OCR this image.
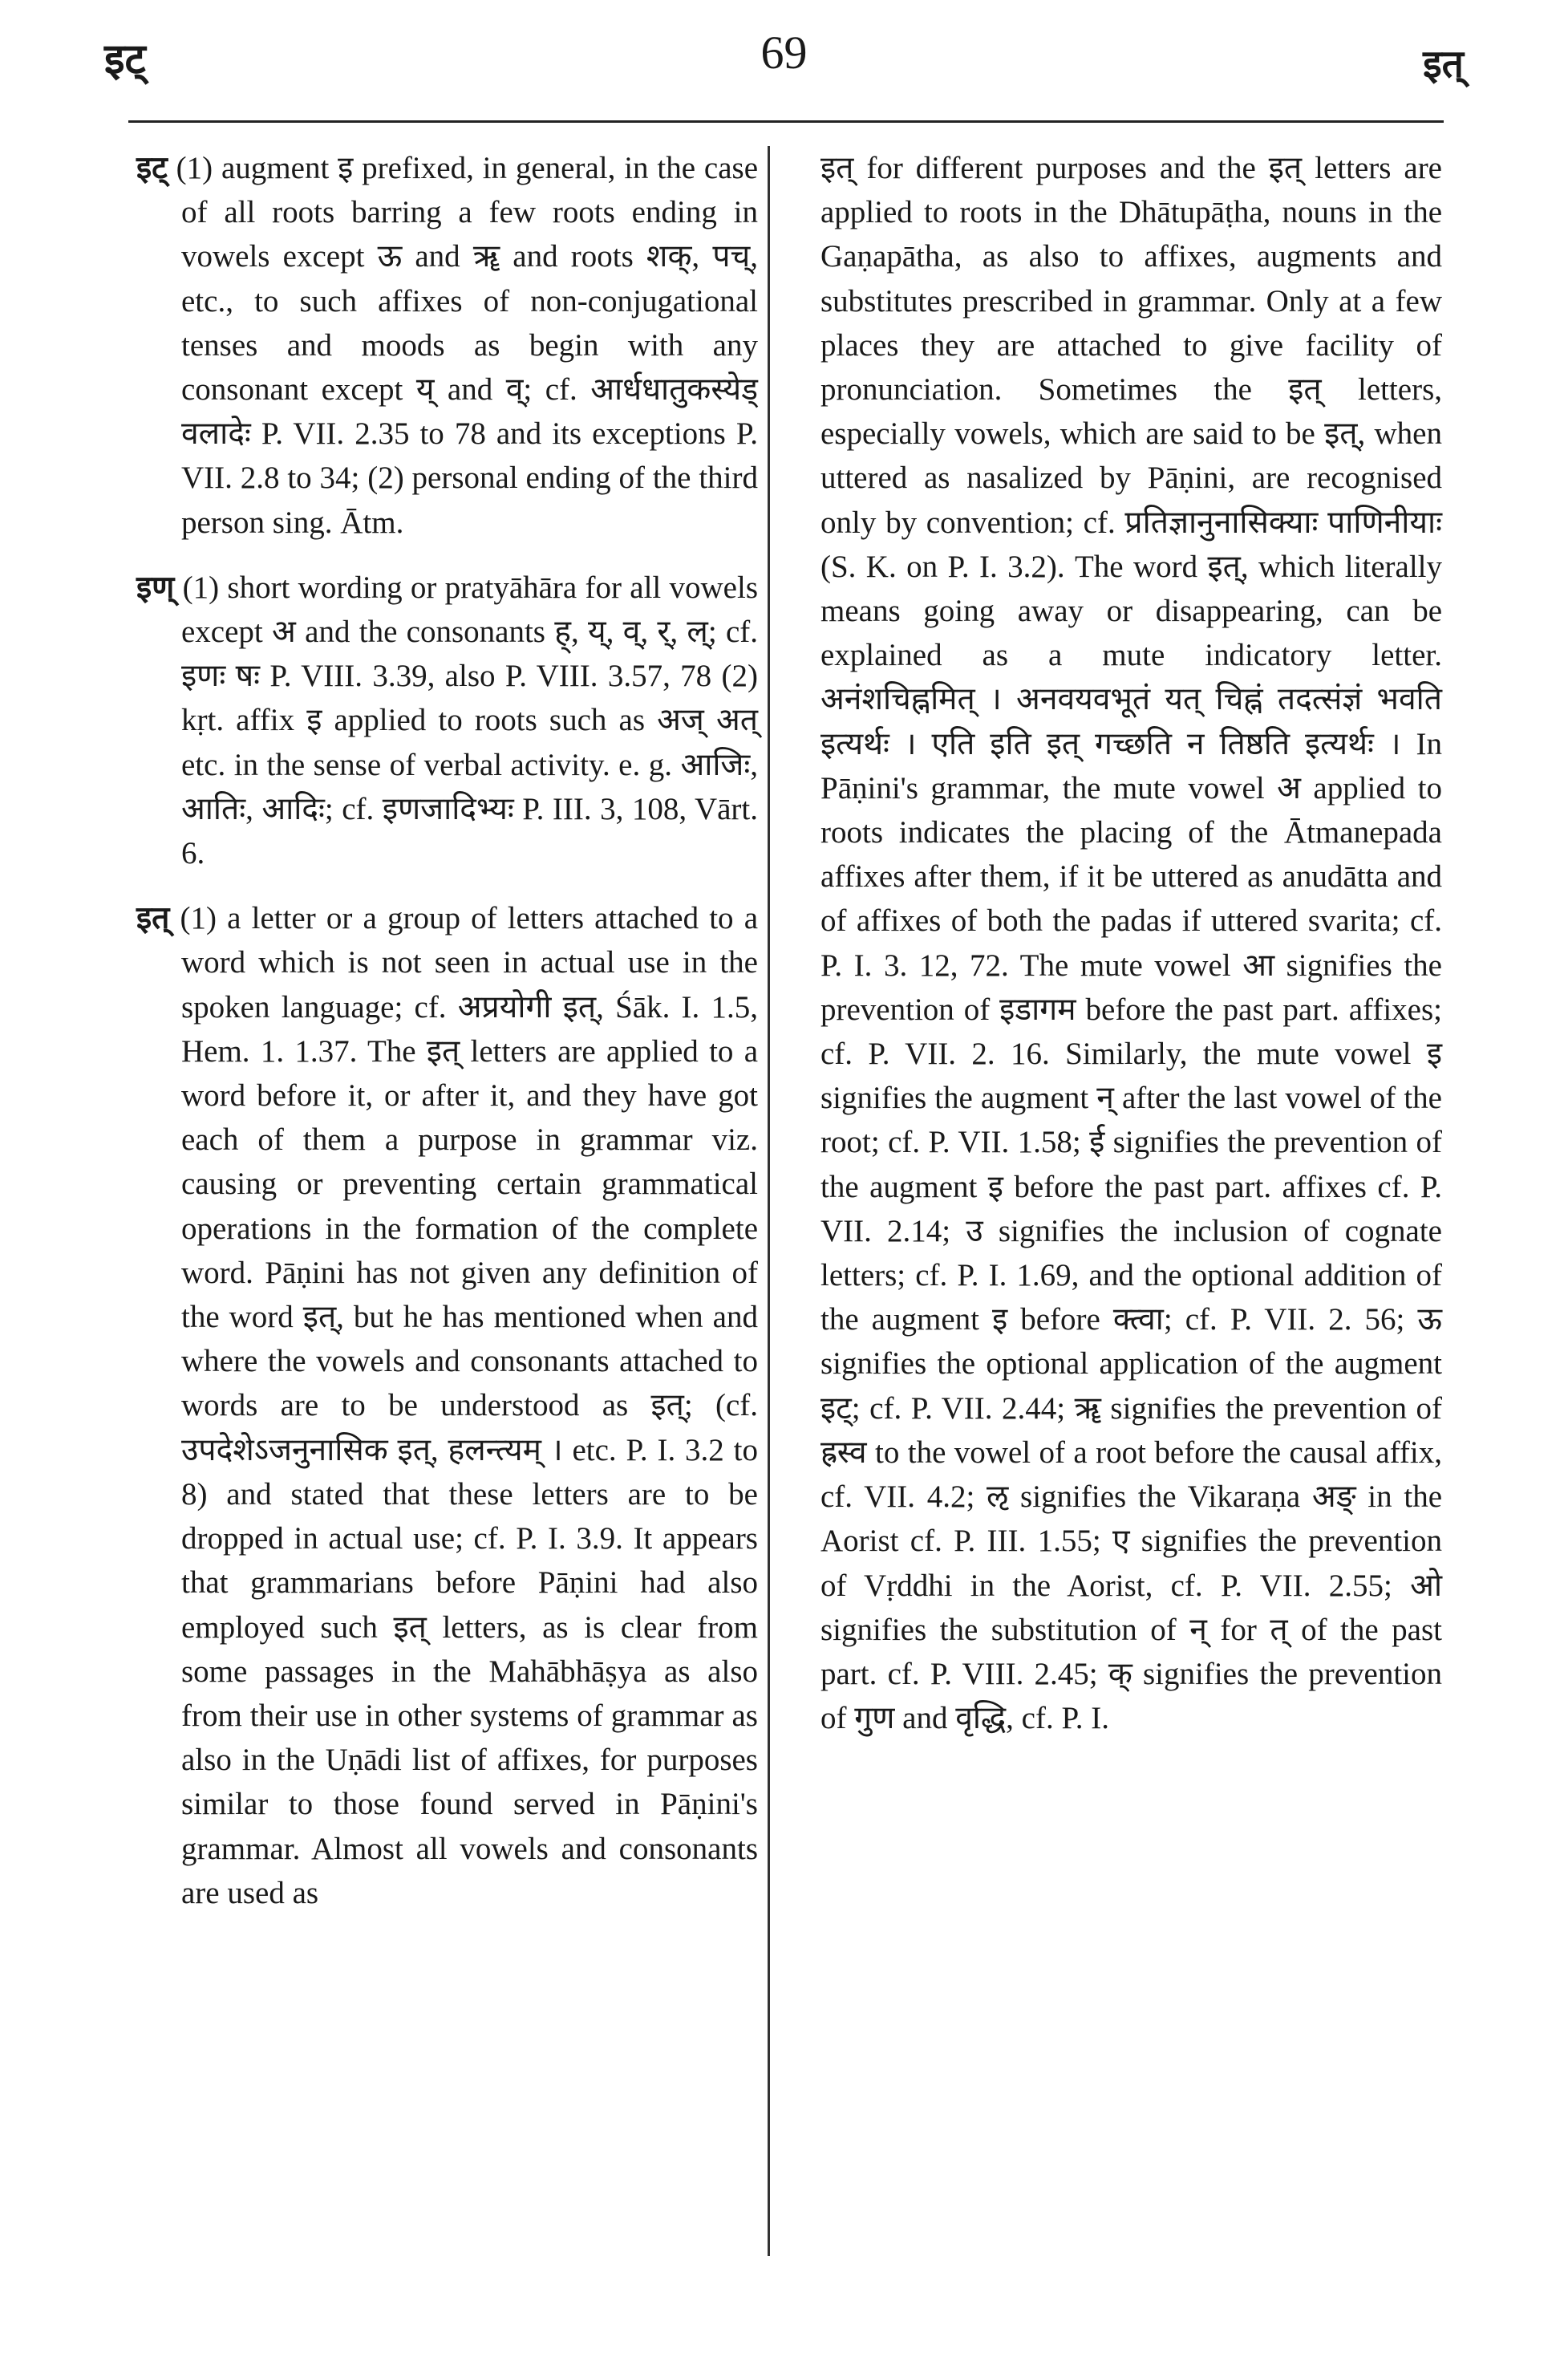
इट्	69	इत्

इट् (1) augment इ prefixed, in general, in the case of all roots barring a few roots ending in vowels except ऊ and ॠ and roots शक्, पच्, etc., to such affixes of non-conjugational tenses and moods as begin with any consonant except य् and व्; cf. आर्धधातुकस्येड् वलादेः P. VII. 2.35 to 78 and its exceptions P. VII. 2.8 to 34; (2) personal ending of the third person sing. Ātm.

इण् (1) short wording or pratyāhāra for all vowels except अ and the consonants ह्, य्, व्, र्, ल्; cf. इणः षः P. VIII. 3.39, also P. VIII. 3.57, 78 (2) kṛt. affix इ applied to roots such as अज् अत् etc. in the sense of verbal activity. e. g. आजिः, आतिः, आदिः; cf. इणजादिभ्यः P. III. 3, 108, Vārt. 6.

इत् (1) a letter or a group of letters attached to a word which is not seen in actual use in the spoken language; cf. अप्रयोगी इत्, Śāk. I. 1.5, Hem. 1. 1.37. The इत् letters are applied to a word before it, or after it, and they have got each of them a purpose in grammar viz. causing or preventing certain grammatical operations in the formation of the complete word. Pāṇini has not given any definition of the word इत्, but he has mentioned when and where the vowels and consonants attached to words are to be understood as इत्; (cf. उपदेशेऽजनुनासिक इत्, हलन्त्यम् । etc. P. I. 3.2 to 8) and stated that these letters are to be dropped in actual use; cf. P. I. 3.9. It appears that grammarians before Pāṇini had also employed such इत् letters, as is clear from some passages in the Mahābhāṣya as also from their use in other systems of grammar as also in the Uṇādi list of affixes, for purposes similar to those found served in Pāṇini's grammar. Almost all vowels and consonants are used as

इत् for different purposes and the इत् letters are applied to roots in the Dhātupāṭha, nouns in the Gaṇapātha, as also to affixes, augments and substitutes prescribed in grammar. Only at a few places they are attached to give facility of pronunciation. Sometimes the इत् letters, especially vowels, which are said to be इत्, when uttered as nasalized by Pāṇini, are recognised only by convention; cf. प्रतिज्ञानुनासिक्याः पाणिनीयाः (S. K. on P. I. 3.2). The word इत्, which literally means going away or disappearing, can be explained as a mute indicatory letter. अनंशचिह्नमित् । अनवयवभूतं यत् चिह्नं तदत्संज्ञं भवति इत्यर्थः । एति इति इत् गच्छति न तिष्ठति इत्यर्थः । In Pāṇini's grammar, the mute vowel अ applied to roots indicates the placing of the Ātmanepada affixes after them, if it be uttered as anudātta and of affixes of both the padas if uttered svarita; cf. P. I. 3. 12, 72. The mute vowel आ signifies the prevention of इडागम before the past part. affixes; cf. P. VII. 2. 16. Similarly, the mute vowel इ signifies the augment न् after the last vowel of the root; cf. P. VII. 1.58; ई signifies the prevention of the augment इ before the past part. affixes cf. P. VII. 2.14; उ signifies the inclusion of cognate letters; cf. P. I. 1.69, and the optional addition of the augment इ before क्त्वा; cf. P. VII. 2. 56; ऊ signifies the optional application of the augment इट्; cf. P. VII. 2.44; ॠ signifies the prevention of ह्रस्व to the vowel of a root before the causal affix, cf. VII. 4.2; ऌ signifies the Vikaraṇa अङ् in the Aorist cf. P. III. 1.55; ए signifies the prevention of Vṛddhi in the Aorist, cf. P. VII. 2.55; ओ signifies the substitution of न् for त् of the past part. cf. P. VIII. 2.45; क् signifies the prevention of गुण and वृद्धि, cf. P. I.
